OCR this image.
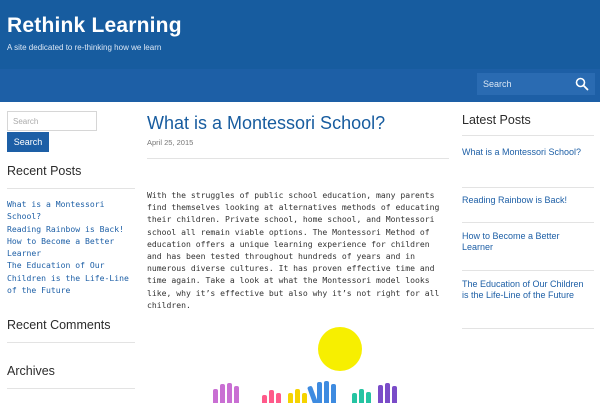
Rethink Learning
A site dedicated to re-thinking how we learn
Search
Search
Search
Recent Posts
What is a Montessori School?
Reading Rainbow is Back!
How to Become a Better Learner
The Education of Our Children is the Life-Line of the Future
Recent Comments
Archives
What is a Montessori School?
April 25, 2015

With the struggles of public school education, many parents find themselves looking at alternatives methods of educating their children. Private school, home school, and Montessori school all remain viable options. The Montessori Method of education offers a unique learning experience for children and has been tested throughout hundreds of years and in numerous diverse cultures. It has proven effective time and time again. Take a look at what the Montessori model looks like, why it’s effective but also why it’s not right for all children.

Latest Posts
What is a Montessori School?
Reading Rainbow is Back!
How to Become a Better Learner
The Education of Our Children is the Life-Line of the Future
